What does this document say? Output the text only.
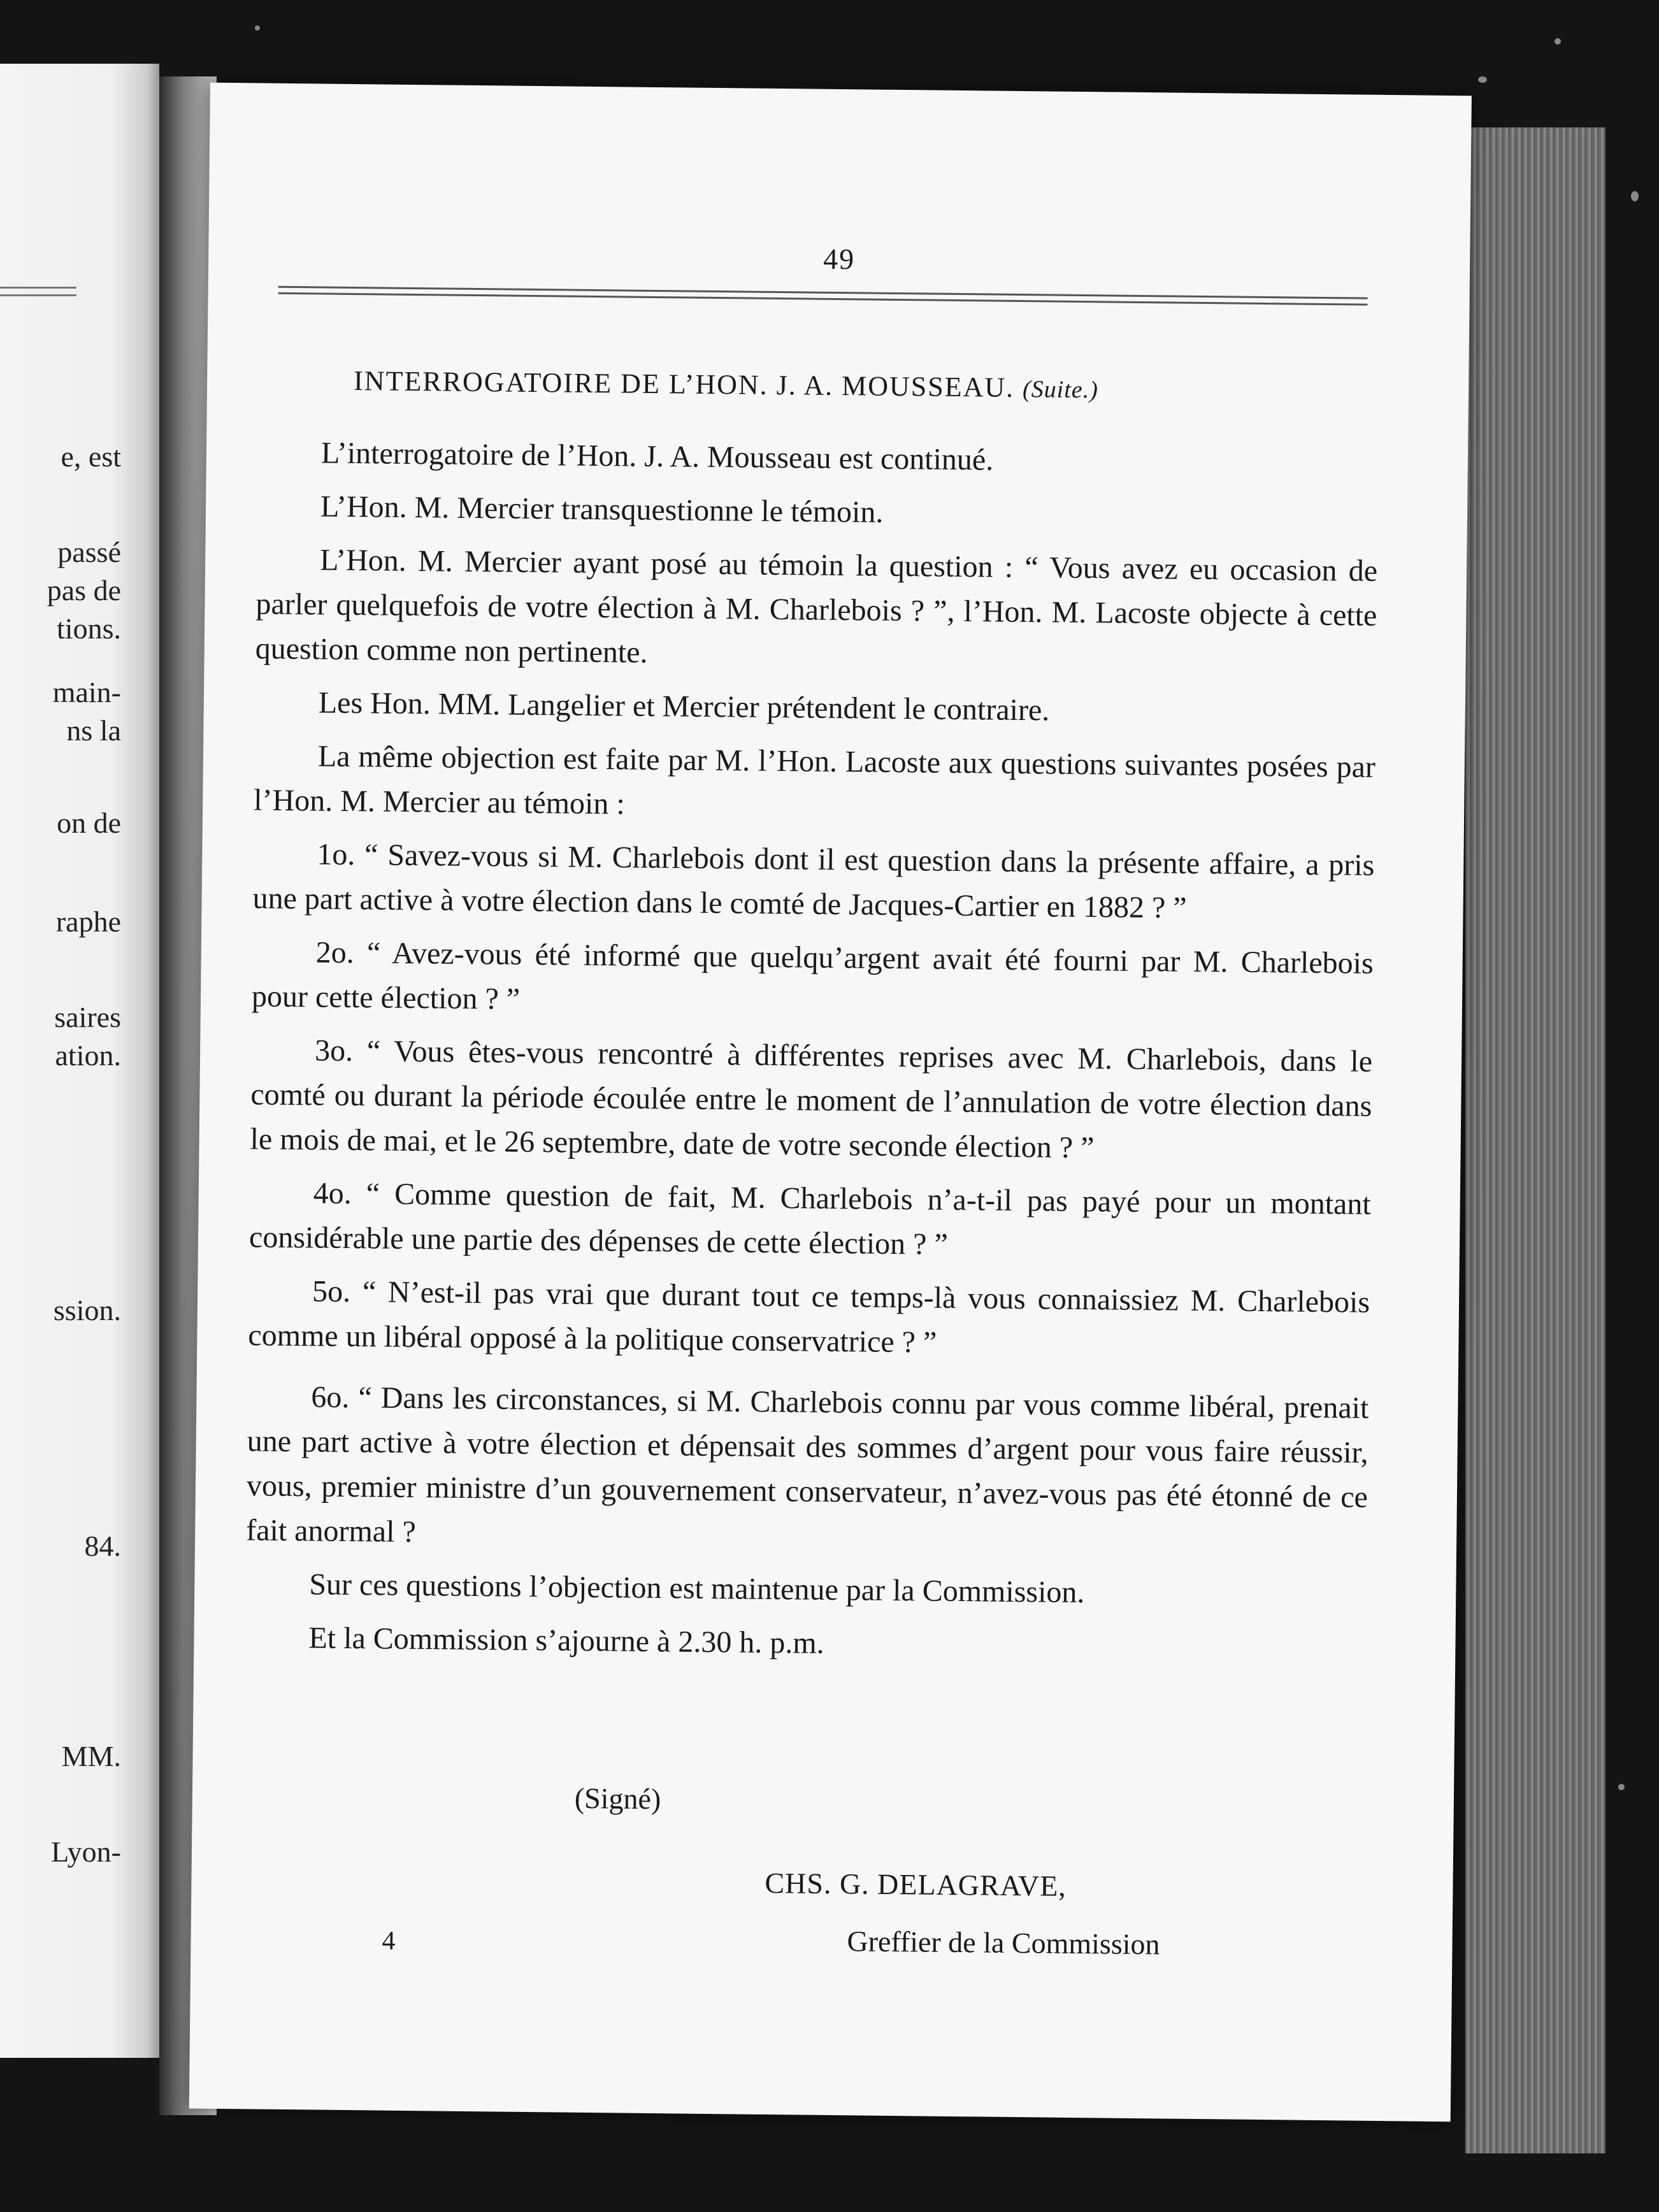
e, est
passé
pas de
tions.
main-
ns la
on de
raphe
saires
ation.
ssion.
84.
MM.
Lyon-
49
INTERROGATOIRE DE L’HON. J. A. MOUSSEAU. (Suite.)

L’interrogatoire de l’Hon. J. A. Mousseau est continué.

L’Hon. M. Mercier transquestionne le témoin.

L’Hon. M. Mercier ayant posé au témoin la question : “ Vous avez eu occasion de parler quelquefois de votre élection à M. Charlebois ? ”, l’Hon. M. Lacoste objecte à cette question comme non pertinente.

Les Hon. MM. Langelier et Mercier prétendent le contraire.

La même objection est faite par M. l’Hon. Lacoste aux questions suivantes posées par l’Hon. M. Mercier au témoin :

1o. “ Savez-vous si M. Charlebois dont il est question dans la présente affaire, a pris une part active à votre élection dans le comté de Jacques-Cartier en 1882 ? ”

2o. “ Avez-vous été informé que quelqu’argent avait été fourni par M. Charlebois pour cette élection ? ”

3o. “ Vous êtes-vous rencontré à différentes reprises avec M. Charlebois, dans le comté ou durant la période écoulée entre le moment de l’annulation de votre élection dans le mois de mai, et le 26 septembre, date de votre seconde élection ? ”

4o. “ Comme question de fait, M. Charlebois n’a-t-il pas payé pour un montant considérable une partie des dépenses de cette élection ? ”

5o. “ N’est-il pas vrai que durant tout ce temps-là vous connaissiez M. Charlebois comme un libéral opposé à la politique conservatrice ? ”

6o. “ Dans les circonstances, si M. Charlebois connu par vous comme libéral, prenait une part active à votre élection et dépensait des sommes d’argent pour vous faire réussir, vous, premier ministre d’un gouvernement conservateur, n’avez-vous pas été étonné de ce fait anormal ?

Sur ces questions l’objection est maintenue par la Commission.

Et la Commission s’ajourne à 2.30 h. p.m.

(Signé)
CHS. G. DELAGRAVE,
Greffier de la Commission
4
